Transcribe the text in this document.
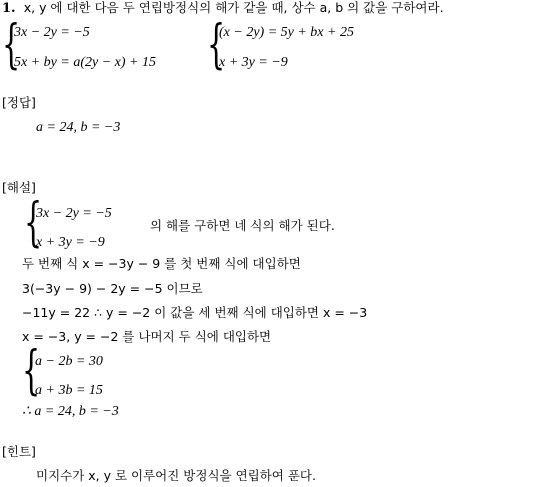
1. x, y 에 대한 다음 두 연립방정식의 해가 같을 때, 상수 a, b 의 값을 구하여라.
{
3x − 2y = −5
5x + by = a(2y − x) + 15 {
(x − 2y) = 5y + bx + 25
x + 3y = −9
[정답]
a = 24, b = −3
[해설]
{
3x − 2y = −5
x + 3y = −9
의 해를 구하면 네 식의 해가 된다.
두 번째 식 x = −3y − 9 를 첫 번째 식에 대입하면
3(−3y − 9) − 2y = −5 이므로
−11y = 22 ∴ y = −2 이 값을 세 번째 식에 대입하면 x = −3
x = −3, y = −2 를 나머지 두 식에 대입하면
{
a − 2b = 30
a + 3b = 15
∴ a = 24, b = −3
[힌트]
미지수가 x, y 로 이루어진 방정식을 연립하여 푼다.
